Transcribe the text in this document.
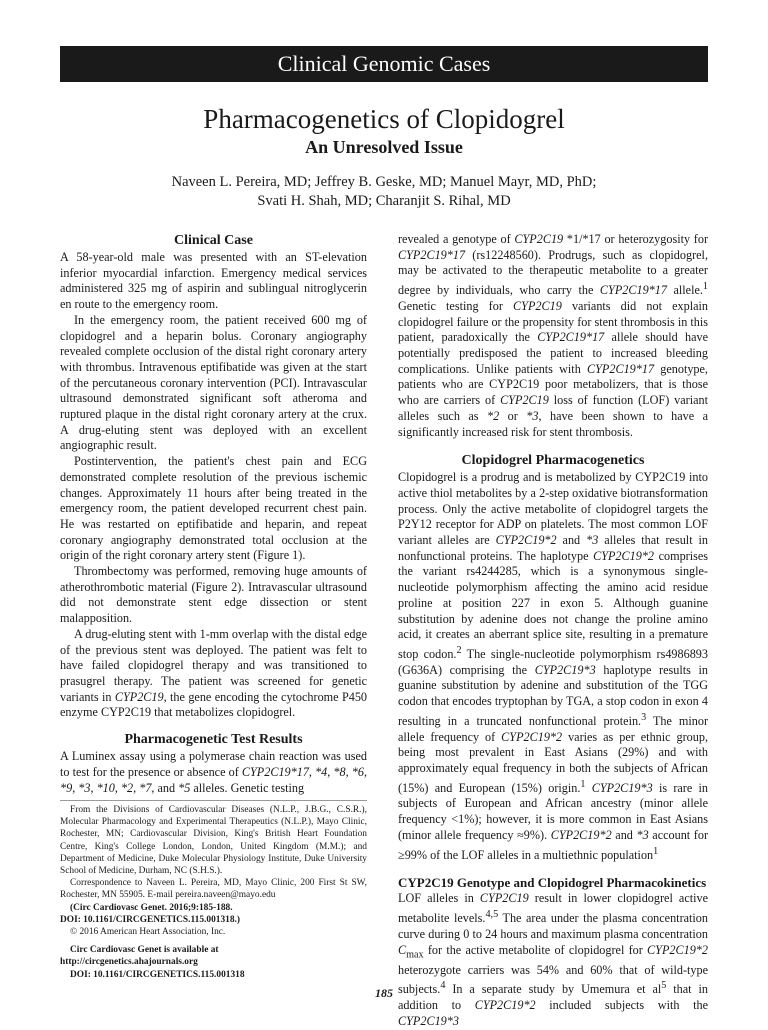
Clinical Genomic Cases
Pharmacogenetics of Clopidogrel
An Unresolved Issue
Naveen L. Pereira, MD; Jeffrey B. Geske, MD; Manuel Mayr, MD, PhD;
Svati H. Shah, MD; Charanjit S. Rihal, MD
Clinical Case

A 58-year-old male was presented with an ST-elevation inferior myocardial infarction. Emergency medical services administered 325 mg of aspirin and sublingual nitroglycerin en route to the emergency room.

In the emergency room, the patient received 600 mg of clopidogrel and a heparin bolus. Coronary angiography revealed complete occlusion of the distal right coronary artery with thrombus. Intravenous eptifibatide was given at the start of the percutaneous coronary intervention (PCI). Intravascular ultrasound demonstrated significant soft atheroma and ruptured plaque in the distal right coronary artery at the crux. A drug-eluting stent was deployed with an excellent angiographic result.

Postintervention, the patient's chest pain and ECG demonstrated complete resolution of the previous ischemic changes. Approximately 11 hours after being treated in the emergency room, the patient developed recurrent chest pain. He was restarted on eptifibatide and heparin, and repeat coronary angiography demonstrated total occlusion at the origin of the right coronary artery stent (Figure 1).

Thrombectomy was performed, removing huge amounts of atherothrombotic material (Figure 2). Intravascular ultrasound did not demonstrate stent edge dissection or stent malapposition.

A drug-eluting stent with 1-mm overlap with the distal edge of the previous stent was deployed. The patient was felt to have failed clopidogrel therapy and was transitioned to prasugrel therapy. The patient was screened for genetic variants in CYP2C19, the gene encoding the cytochrome P450 enzyme CYP2C19 that metabolizes clopidogrel.

Pharmacogenetic Test Results

A Luminex assay using a polymerase chain reaction was used to test for the presence or absence of CYP2C19*17, *4, *8, *6, *9, *3, *10, *2, *7, and *5 alleles. Genetic testing

From the Divisions of Cardiovascular Diseases (N.L.P., J.B.G., C.S.R.), Molecular Pharmacology and Experimental Therapeutics (N.L.P.), Mayo Clinic, Rochester, MN; Cardiovascular Division, King's British Heart Foundation Centre, King's College London, London, United Kingdom (M.M.); and Department of Medicine, Duke Molecular Physiology Institute, Duke University School of Medicine, Durham, NC (S.H.S.).

Correspondence to Naveen L. Pereira, MD, Mayo Clinic, 200 First St SW, Rochester, MN 55905. E-mail pereira.naveen@mayo.edu

(Circ Cardiovasc Genet. 2016;9:185-188.

DOI: 10.1161/CIRCGENETICS.115.001318.)

© 2016 American Heart Association, Inc.

Circ Cardiovasc Genet is available at

http://circgenetics.ahajournals.org

DOI: 10.1161/CIRCGENETICS.115.001318

revealed a genotype of CYP2C19 *1/*17 or heterozygosity for CYP2C19*17 (rs12248560). Prodrugs, such as clopidogrel, may be activated to the therapeutic metabolite to a greater degree by individuals, who carry the CYP2C19*17 allele.$^1$ Genetic testing for CYP2C19 variants did not explain clopidogrel failure or the propensity for stent thrombosis in this patient, paradoxically the CYP2C19*17 allele should have potentially predisposed the patient to increased bleeding complications. Unlike patients with CYP2C19*17 genotype, patients who are CYP2C19 poor metabolizers, that is those who are carriers of CYP2C19 loss of function (LOF) variant alleles such as *2 or *3, have been shown to have a significantly increased risk for stent thrombosis.

Clopidogrel Pharmacogenetics

Clopidogrel is a prodrug and is metabolized by CYP2C19 into active thiol metabolites by a 2-step oxidative biotransformation process. Only the active metabolite of clopidogrel targets the P2Y12 receptor for ADP on platelets. The most common LOF variant alleles are CYP2C19*2 and *3 alleles that result in nonfunctional proteins. The haplotype CYP2C19*2 comprises the variant rs4244285, which is a synonymous single-nucleotide polymorphism affecting the amino acid residue proline at position 227 in exon 5. Although guanine substitution by adenine does not change the proline amino acid, it creates an aberrant splice site, resulting in a premature stop codon.$^2$ The single-nucleotide polymorphism rs4986893 (G636A) comprising the CYP2C19*3 haplotype results in guanine substitution by adenine and substitution of the TGG codon that encodes tryptophan by TGA, a stop codon in exon 4 resulting in a truncated nonfunctional protein.$^3$ The minor allele frequency of CYP2C19*2 varies as per ethnic group, being most prevalent in East Asians (29%) and with approximately equal frequency in both the subjects of African (15%) and European (15%) origin.$^1$ CYP2C19*3 is rare in subjects of European and African ancestry (minor allele frequency <1%); however, it is more common in East Asians (minor allele frequency ≈9%). CYP2C19*2 and *3 account for ≥99% of the LOF alleles in a multiethnic population$^1$

CYP2C19 Genotype and Clopidogrel Pharmacokinetics

LOF alleles in CYP2C19 result in lower clopidogrel active metabolite levels.$^{4,5}$ The area under the plasma concentration curve during 0 to 24 hours and maximum plasma concentration $C_{max}$ for the active metabolite of clopidogrel for CYP2C19*2 heterozygote carriers was 54% and 60% that of wild-type subjects.$^4$ In a separate study by Umemura et $al^5$ that in addition to CYP2C19*2 included subjects with the CYP2C19*3

185
